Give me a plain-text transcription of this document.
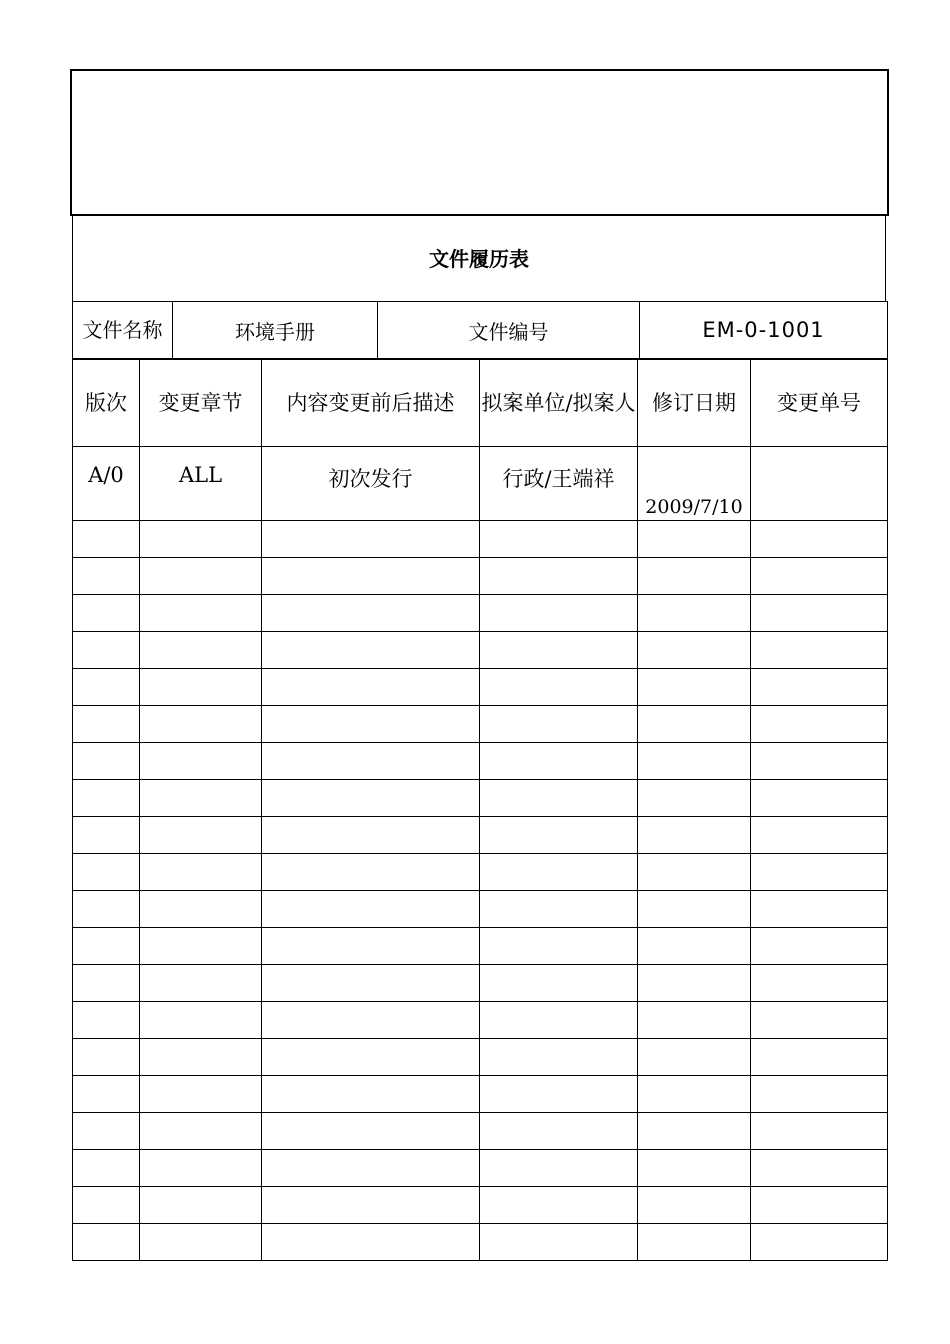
文件履历表
文件名称	环境手册	文件编号	EM-0-1001
版次	变更章节	内容变更前后描述	拟案单位/拟案人	修订日期	变更单号
A/0	ALL	初次发行	行政/王端祥	2009/7/10	
